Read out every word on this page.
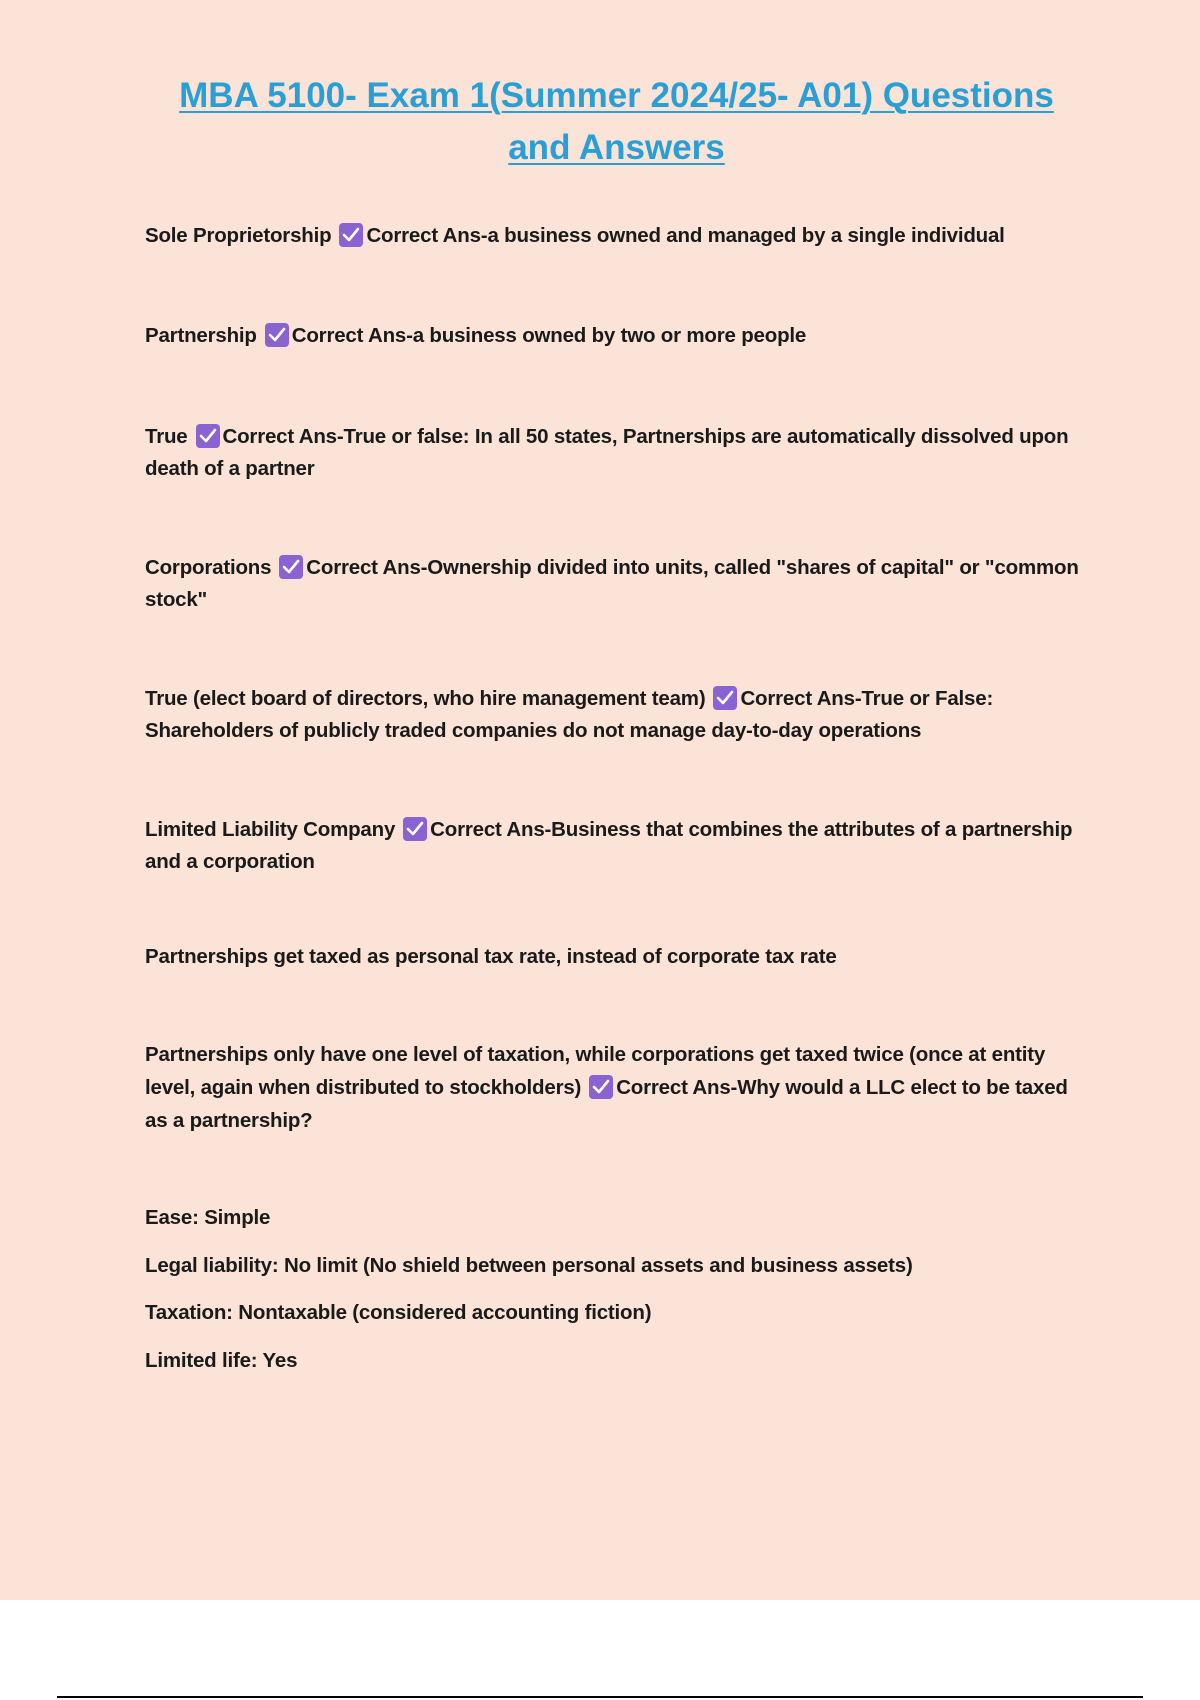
MBA 5100- Exam 1(Summer 2024/25- A01) Questions and Answers
Sole Proprietorship Correct Ans-a business owned and managed by a single individual
Partnership Correct Ans-a business owned by two or more people
True Correct Ans-True or false: In all 50 states, Partnerships are automatically dissolved upon death of a partner
Corporations Correct Ans-Ownership divided into units, called "shares of capital" or "common stock"
True (elect board of directors, who hire management team) Correct Ans-True or False: Shareholders of publicly traded companies do not manage day-to-day operations
Limited Liability Company Correct Ans-Business that combines the attributes of a partnership and a corporation
Partnerships get taxed as personal tax rate, instead of corporate tax rate
Partnerships only have one level of taxation, while corporations get taxed twice (once at entity level, again when distributed to stockholders) Correct Ans-Why would a LLC elect to be taxed as a partnership?
Ease: Simple
Legal liability: No limit (No shield between personal assets and business assets)
Taxation: Nontaxable (considered accounting fiction)
Limited life: Yes
